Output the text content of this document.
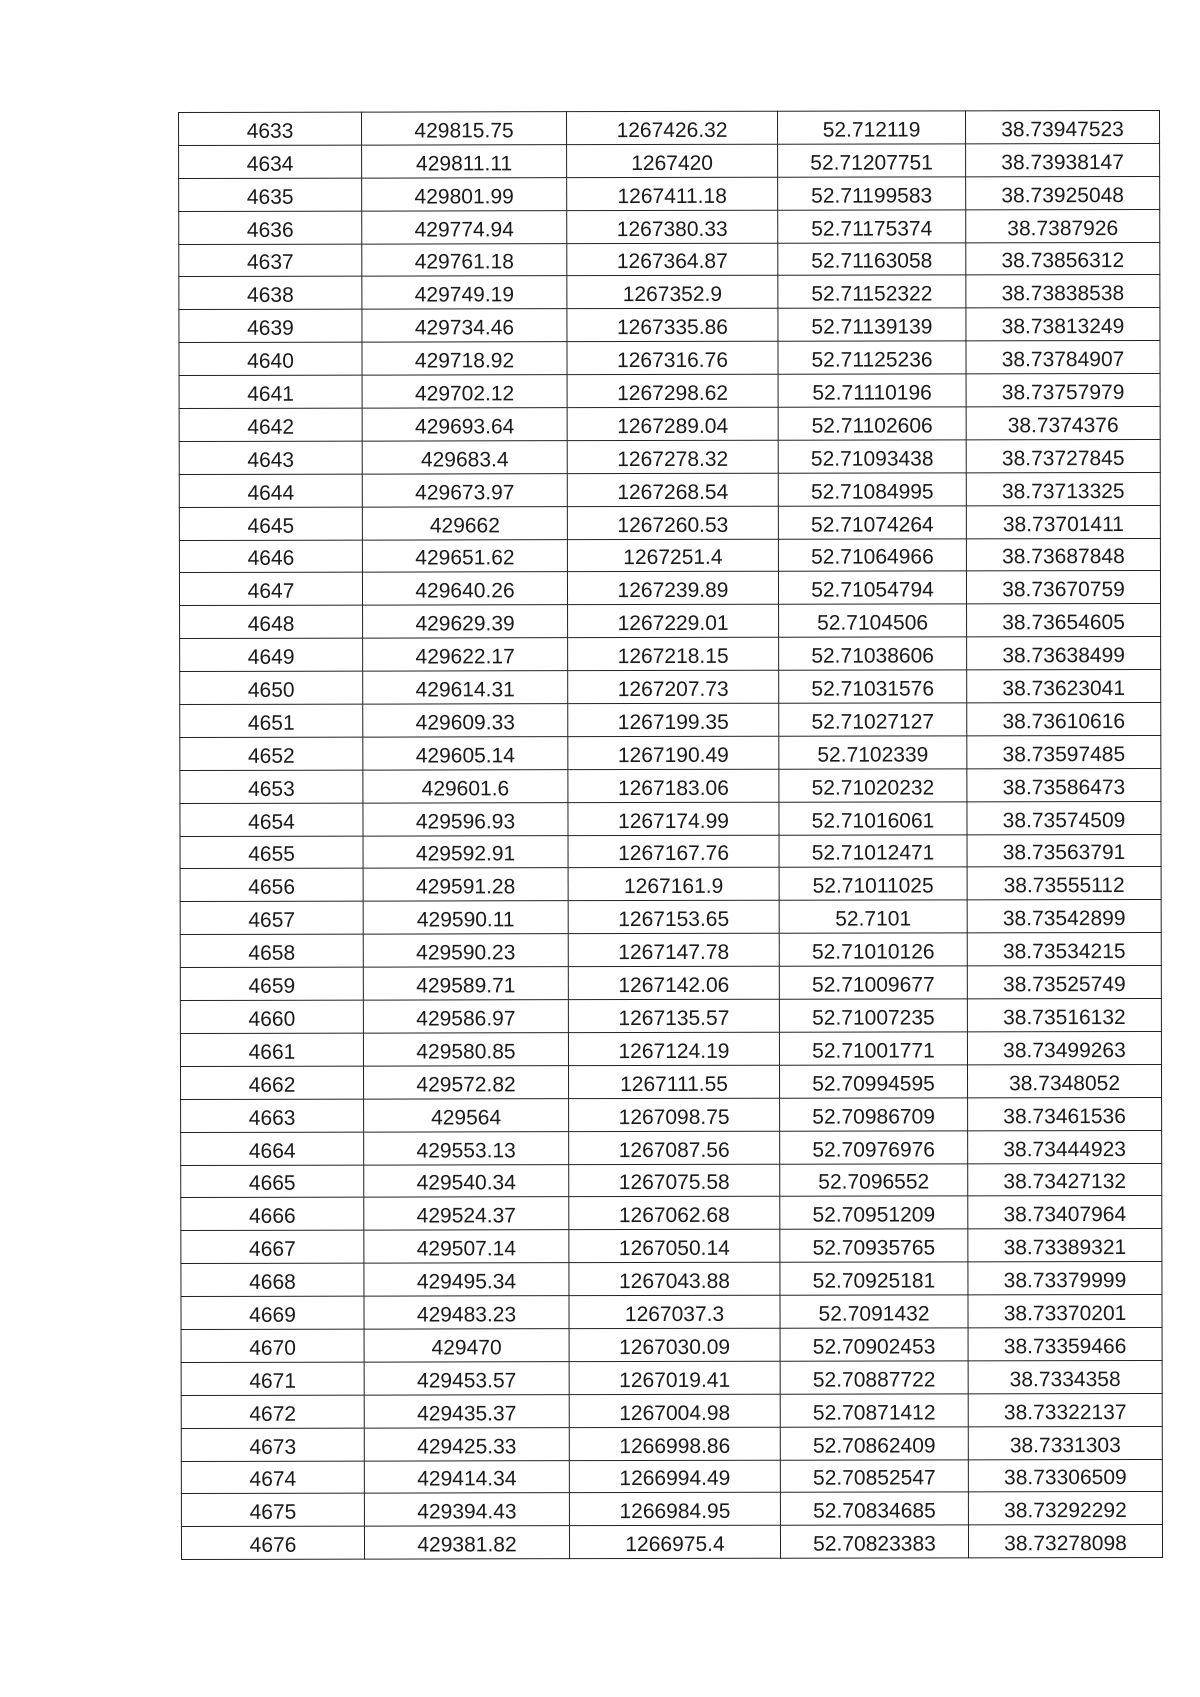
4633	429815.75	1267426.32	52.712119	38.73947523
4634	429811.11	1267420	52.71207751	38.73938147
4635	429801.99	1267411.18	52.71199583	38.73925048
4636	429774.94	1267380.33	52.71175374	38.7387926
4637	429761.18	1267364.87	52.71163058	38.73856312
4638	429749.19	1267352.9	52.71152322	38.73838538
4639	429734.46	1267335.86	52.71139139	38.73813249
4640	429718.92	1267316.76	52.71125236	38.73784907
4641	429702.12	1267298.62	52.71110196	38.73757979
4642	429693.64	1267289.04	52.71102606	38.7374376
4643	429683.4	1267278.32	52.71093438	38.73727845
4644	429673.97	1267268.54	52.71084995	38.73713325
4645	429662	1267260.53	52.71074264	38.73701411
4646	429651.62	1267251.4	52.71064966	38.73687848
4647	429640.26	1267239.89	52.71054794	38.73670759
4648	429629.39	1267229.01	52.7104506	38.73654605
4649	429622.17	1267218.15	52.71038606	38.73638499
4650	429614.31	1267207.73	52.71031576	38.73623041
4651	429609.33	1267199.35	52.71027127	38.73610616
4652	429605.14	1267190.49	52.7102339	38.73597485
4653	429601.6	1267183.06	52.71020232	38.73586473
4654	429596.93	1267174.99	52.71016061	38.73574509
4655	429592.91	1267167.76	52.71012471	38.73563791
4656	429591.28	1267161.9	52.71011025	38.73555112
4657	429590.11	1267153.65	52.7101	38.73542899
4658	429590.23	1267147.78	52.71010126	38.73534215
4659	429589.71	1267142.06	52.71009677	38.73525749
4660	429586.97	1267135.57	52.71007235	38.73516132
4661	429580.85	1267124.19	52.71001771	38.73499263
4662	429572.82	1267111.55	52.70994595	38.7348052
4663	429564	1267098.75	52.70986709	38.73461536
4664	429553.13	1267087.56	52.70976976	38.73444923
4665	429540.34	1267075.58	52.7096552	38.73427132
4666	429524.37	1267062.68	52.70951209	38.73407964
4667	429507.14	1267050.14	52.70935765	38.73389321
4668	429495.34	1267043.88	52.70925181	38.73379999
4669	429483.23	1267037.3	52.7091432	38.73370201
4670	429470	1267030.09	52.70902453	38.73359466
4671	429453.57	1267019.41	52.70887722	38.7334358
4672	429435.37	1267004.98	52.70871412	38.73322137
4673	429425.33	1266998.86	52.70862409	38.7331303
4674	429414.34	1266994.49	52.70852547	38.73306509
4675	429394.43	1266984.95	52.70834685	38.73292292
4676	429381.82	1266975.4	52.70823383	38.73278098
